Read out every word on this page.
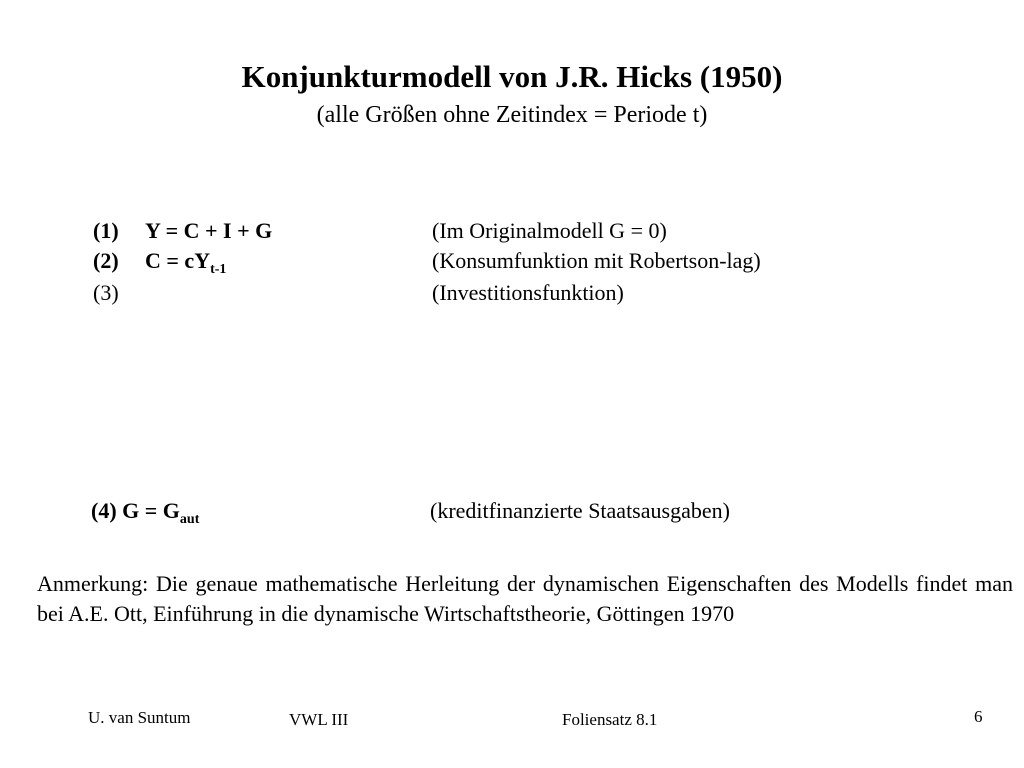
Konjunkturmodell von J.R. Hicks (1950)
(alle Größen ohne Zeitindex = Periode t)
(1) Y = C + I + G	(Im Originalmodell G = 0)
(2) $C = cY_{t-1}$	(Konsumfunktion mit Robertson-lag)
(3)	(Investitionsfunktion)
(4) $G = G_{aut}$	(kreditfinanzierte Staatsausgaben)
Anmerkung: Die genaue mathematische Herleitung der dynamischen Eigenschaften des Modells findet man bei A.E. Ott, Einführung in die dynamische Wirtschaftstheorie, Göttingen 1970
U. van Suntum	VWL III	Foliensatz 8.1	6
